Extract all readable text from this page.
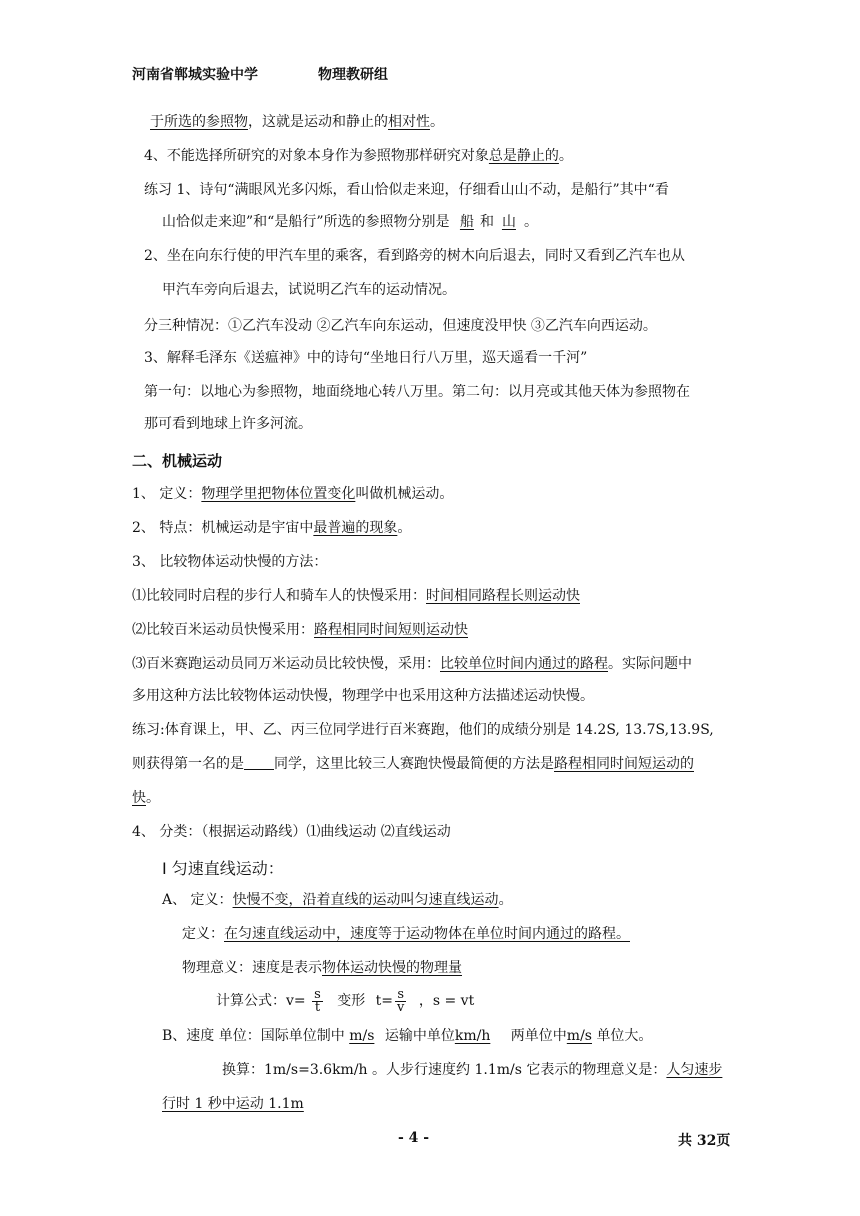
河南省郸城实验中学	物理教研组
于所选的参照物，这就是运动和静止的相对性。
4、不能选择所研究的对象本身作为参照物那样研究对象总是静止的。
练习 1、诗句“满眼风光多闪烁，看山恰似走来迎，仔细看山山不动，是船行”其中“看
山恰似走来迎”和“是船行”所选的参照物分别是 船 和 山 。
2、坐在向东行使的甲汽车里的乘客，看到路旁的树木向后退去，同时又看到乙汽车也从
甲汽车旁向后退去，试说明乙汽车的运动情况。
分三种情况：①乙汽车没动 ②乙汽车向东运动，但速度没甲快 ③乙汽车向西运动。
3、解释毛泽东《送瘟神》中的诗句“坐地日行八万里，巡天遥看一千河”
第一句：以地心为参照物，地面绕地心转八万里。第二句：以月亮或其他天体为参照物在
那可看到地球上许多河流。
二、机械运动
1、 定义：物理学里把物体位置变化叫做机械运动。
2、 特点：机械运动是宇宙中最普遍的现象。
3、 比较物体运动快慢的方法：
⑴比较同时启程的步行人和骑车人的快慢采用：时间相同路程长则运动快
⑵比较百米运动员快慢采用：路程相同时间短则运动快
⑶百米赛跑运动员同万米运动员比较快慢，采用：比较单位时间内通过的路程。实际问题中
多用这种方法比较物体运动快慢，物理学中也采用这种方法描述运动快慢。
练习:体育课上，甲、乙、丙三位同学进行百米赛跑，他们的成绩分别是 14.2S, 13.7S,13.9S,
则获得第一名的是 同学，这里比较三人赛跑快慢最简便的方法是路程相同时间短运动的
快。
4、 分类：（根据运动路线）⑴曲线运动 ⑵直线运动
Ⅰ 匀速直线运动：
A、 定义：快慢不变，沿着直线的运动叫匀速直线运动。
定义：在匀速直线运动中，速度等于运动物体在单位时间内通过的路程。
物理意义：速度是表示物体运动快慢的物理量
计算公式：$v= \frac{s}{t}$ 变形 $t= \frac{s}{v}$ ，s = vt
B、速度 单位：国际单位制中 m/s 运输中单位km/h 两单位中m/s 单位大。
换算：1m/s=3.6km/h 。人步行速度约 1.1m/s 它表示的物理意义是：人匀速步
行时 1 秒中运动 1.1m
- 4 -	共 32页
